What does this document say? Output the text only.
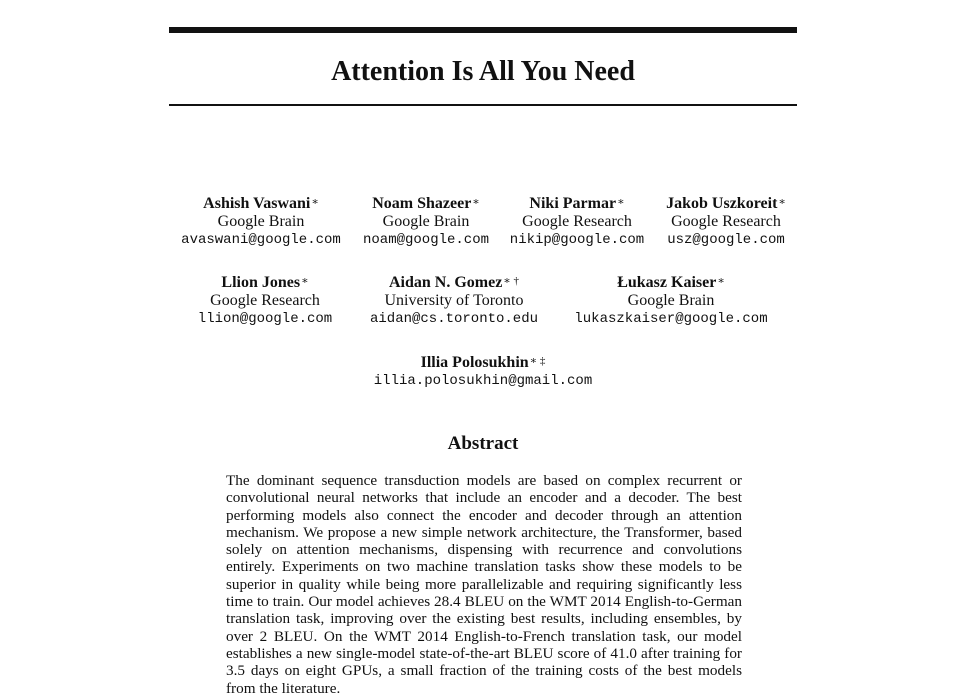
Attention Is All You Need
Ashish Vaswani∗
Google Brain
avaswani@google.com
Noam Shazeer∗
Google Brain
noam@google.com
Niki Parmar∗
Google Research
nikip@google.com
Jakob Uszkoreit∗
Google Research
usz@google.com
Llion Jones∗
Google Research
llion@google.com
Aidan N. Gomez∗ †
University of Toronto
aidan@cs.toronto.edu
Łukasz Kaiser∗
Google Brain
lukaszkaiser@google.com
Illia Polosukhin∗ ‡
illia.polosukhin@gmail.com
Abstract

The dominant sequence transduction models are based on complex recurrent or convolutional neural networks that include an encoder and a decoder. The best performing models also connect the encoder and decoder through an attention mechanism. We propose a new simple network architecture, the Transformer, based solely on attention mechanisms, dispensing with recurrence and convolutions entirely. Experiments on two machine translation tasks show these models to be superior in quality while being more parallelizable and requiring significantly less time to train. Our model achieves 28.4 BLEU on the WMT 2014 English-to-German translation task, improving over the existing best results, including ensembles, by over 2 BLEU. On the WMT 2014 English-to-French translation task, our model establishes a new single-model state-of-the-art BLEU score of 41.0 after training for 3.5 days on eight GPUs, a small fraction of the training costs of the best models from the literature.
